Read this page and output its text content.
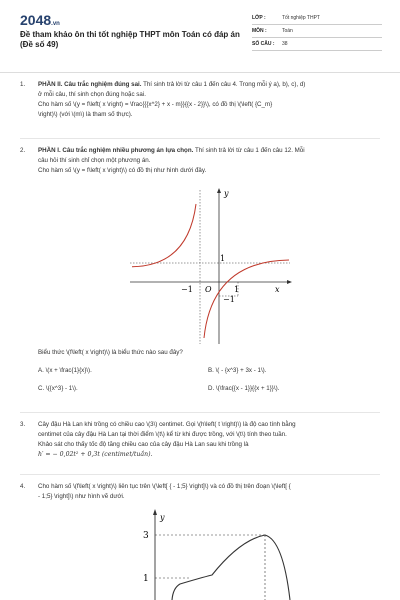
2048.vn
Đề tham khảo ôn thi tốt nghiệp THPT môn Toán có đáp án (Đề số 49)
LỚP :	Tốt nghiệp THPT
MÔN :	Toán
SỐ CÂU :	38
1.	PHẦN II. Câu trắc nghiệm đúng sai. Thí sinh trả lời từ câu 1 đến câu 4. Trong mỗi ý a), b), c), d)

ở mỗi câu, thí sinh chọn đúng hoặc sai.

Cho hàm số \(y = f\left( x \right) = \frac{{{x^2} + x - m}}{{x - 2}}\), có đồ thị \(\left( {C_m}

\right)\) (với \(m\) là tham số thực).

2.	PHẦN I. Câu trắc nghiệm nhiều phương án lựa chọn. Thí sinh trả lời từ câu 1 đến câu 12. Mỗi

câu hỏi thí sinh chỉ chọn một phương án.

Cho hàm số \(y = f\left( x \right)\) có đồ thị như hình dưới đây.

y
x
1
−1 O	1
−1

Biểu thức \(f\left( x \right)\) là biểu thức nào sau đây?

A. \(x + \frac{1}{x}\).	B. \( - {x^3} + 3x - 1\).
C. \({x^3} - 1\).	D. \(\frac{{x - 1}}{{x + 1}}\).
3.	Cây đậu Hà Lan khi trồng có chiều cao \(3\) centimet. Gọi \(h\left( t \right)\) là độ cao tính bằng

centimet của cây đậu Hà Lan tại thời điểm \(t\) kể từ khi được trồng, với \(t\) tính theo tuần.

Khảo sát cho thấy tốc độ tăng chiều cao của cây đậu Hà Lan sau khi trồng là

h′ = − 0,02t² + 0,3t (centimet/tuần).

4.	Cho hàm số \(f\left( x \right)\) liên tục trên \(\left[ { - 1;5} \right]\) và có đồ thị trên đoạn \(\left[ {

- 1;5} \right]\) như hình vẽ dưới.

y
3
1
